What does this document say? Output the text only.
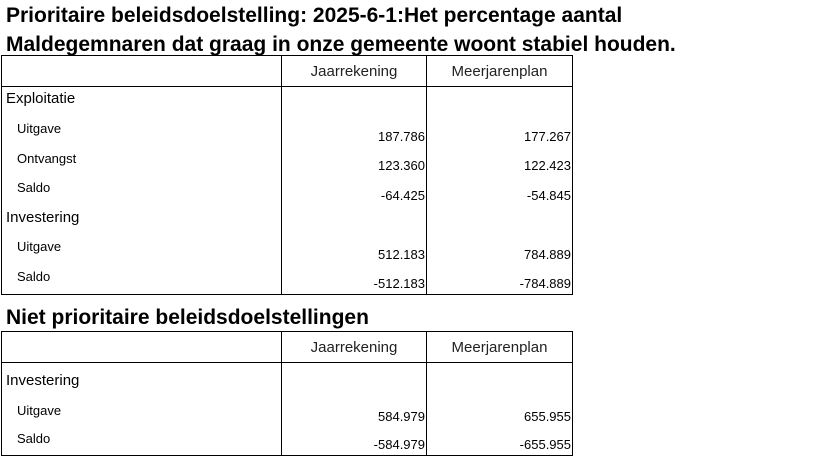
Prioritaire beleidsdoelstelling: 2025-6-1:Het percentage aantal
Maldegemnaren dat graag in onze gemeente woont stabiel houden.
	Jaarrekening	Meerjarenplan
Exploitatie		
Uitgave	187.786	177.267
Ontvangst	123.360	122.423
Saldo	-64.425	-54.845
Investering		
Uitgave	512.183	784.889
Saldo	-512.183	-784.889
Niet prioritaire beleidsdoelstellingen
	Jaarrekening	Meerjarenplan
Investering		
Uitgave	584.979	655.955
Saldo	-584.979	-655.955
